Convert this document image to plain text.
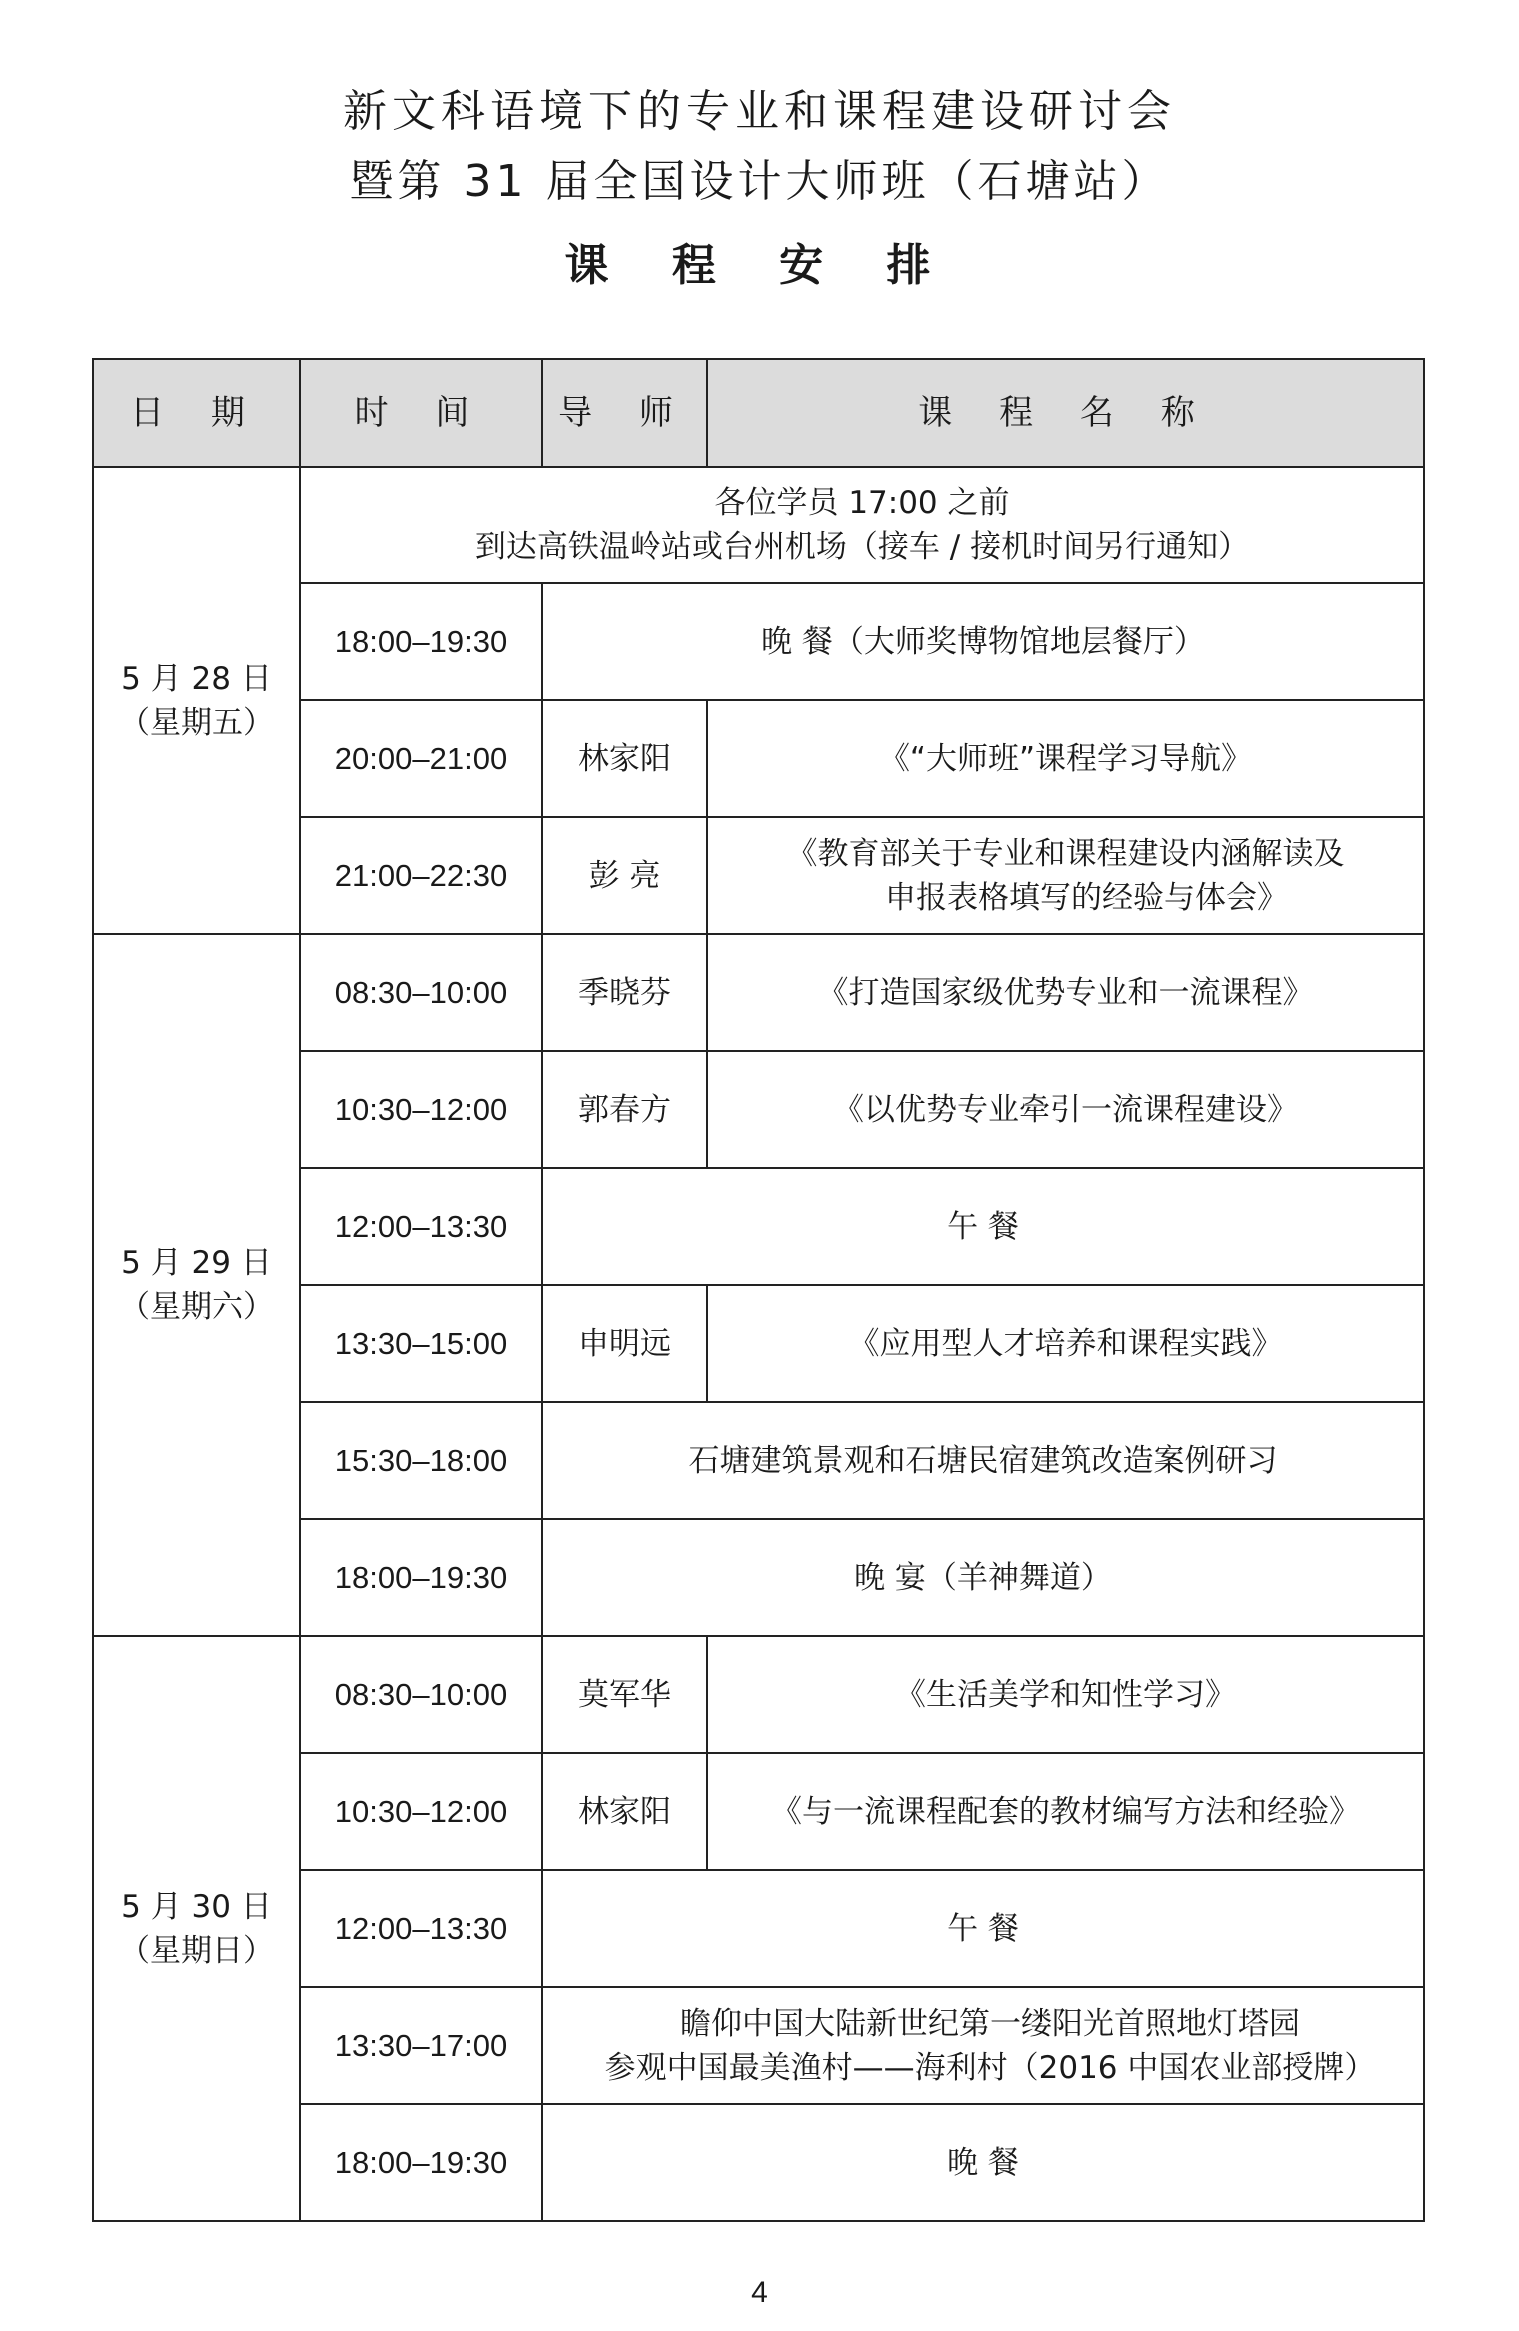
新文科语境下的专业和课程建设研讨会
暨第 31 届全国设计大师班（石塘站）
课 程 安 排
日 期	时 间	导 师	课 程 名 称

5 月 28 日
（星期五）	各位学员 17:00 之前
到达高铁温岭站或台州机场（接车 / 接机时间另行通知）		

	18:00–19:30	晚 餐（大师奖博物馆地层餐厅）	
	20:00–21:00	林家阳	《“大师班”课程学习导航》
	21:00–22:30	彭 亮	《教育部关于专业和课程建设内涵解读及
申报表格填写的经验与体会》

5 月 29 日
（星期六）	08:30–10:00	季晓芬	《打造国家级优势专业和一流课程》
	10:30–12:00	郭春方	《以优势专业牵引一流课程建设》
	12:00–13:30	午 餐	
	13:30–15:00	申明远	《应用型人才培养和课程实践》
	15:30–18:00	石塘建筑景观和石塘民宿建筑改造案例研习	
	18:00–19:30	晚 宴（羊神舞道）	

5 月 30 日
（星期日）	08:30–10:00	莫军华	《生活美学和知性学习》
	10:30–12:00	林家阳	《与一流课程配套的教材编写方法和经验》
	12:00–13:30	午 餐	
	13:30–17:00	瞻仰中国大陆新世纪第一缕阳光首照地灯塔园
参观中国最美渔村——海利村（2016 中国农业部授牌）	

	18:00–19:30	晚 餐	
4
